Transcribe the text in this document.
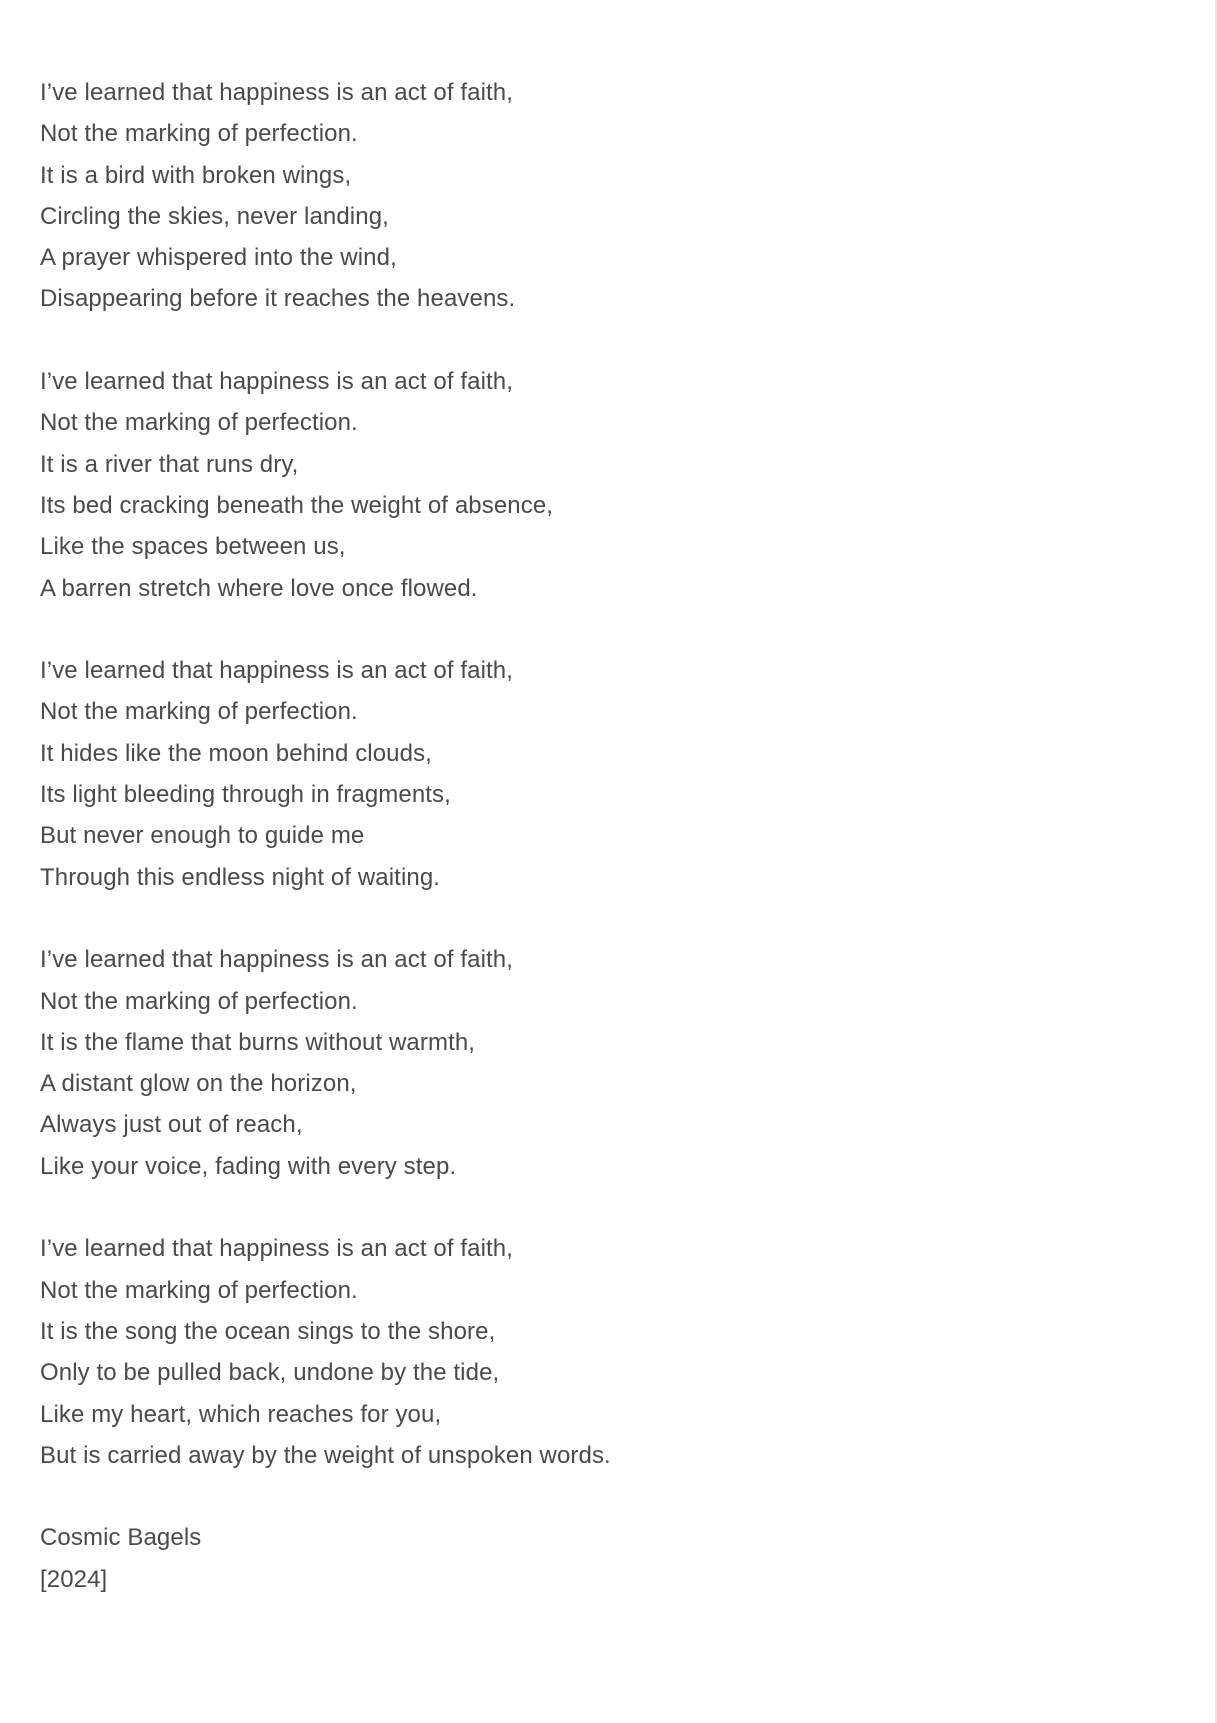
I’ve learned that happiness is an act of faith,
Not the marking of perfection.
It is a bird with broken wings,
Circling the skies, never landing,
A prayer whispered into the wind,
Disappearing before it reaches the heavens.
I’ve learned that happiness is an act of faith,
Not the marking of perfection.
It is a river that runs dry,
Its bed cracking beneath the weight of absence,
Like the spaces between us,
A barren stretch where love once flowed.
I’ve learned that happiness is an act of faith,
Not the marking of perfection.
It hides like the moon behind clouds,
Its light bleeding through in fragments,
But never enough to guide me
Through this endless night of waiting.
I’ve learned that happiness is an act of faith,
Not the marking of perfection.
It is the flame that burns without warmth,
A distant glow on the horizon,
Always just out of reach,
Like your voice, fading with every step.
I’ve learned that happiness is an act of faith,
Not the marking of perfection.
It is the song the ocean sings to the shore,
Only to be pulled back, undone by the tide,
Like my heart, which reaches for you,
But is carried away by the weight of unspoken words.
Cosmic Bagels
[2024]
